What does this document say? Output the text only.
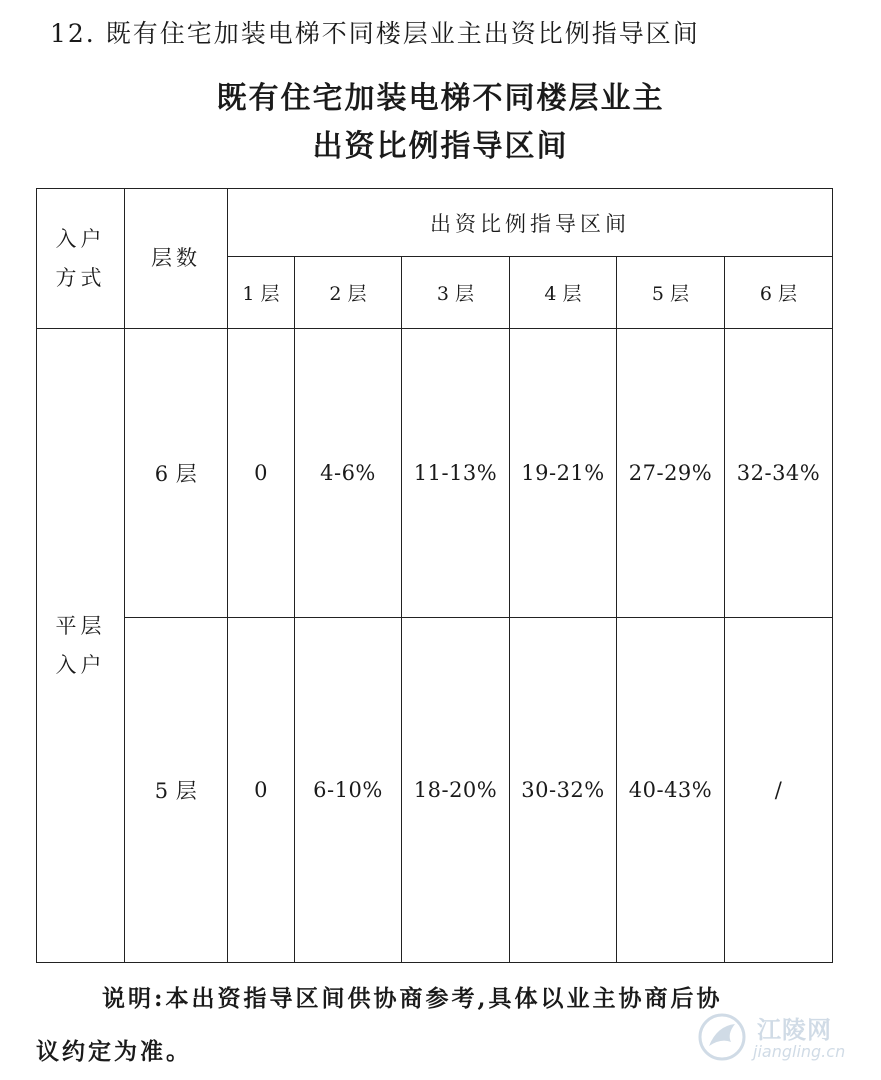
12. 既有住宅加装电梯不同楼层业主出资比例指导区间
既有住宅加装电梯不同楼层业主
出资比例指导区间
入户
方式	层数	出资比例指导区间					
		1 层	2 层	3 层	4 层	5 层	6 层

平层
入户	6 层	0	4-6%	11-13%	19-21%	27-29%	32-34%
	5 层	0	6-10%	18-20%	30-32%	40-43%	/
说明:本出资指导区间供协商参考,具体以业主协商后协
议约定为准。
江陵网
jiangling.cn
